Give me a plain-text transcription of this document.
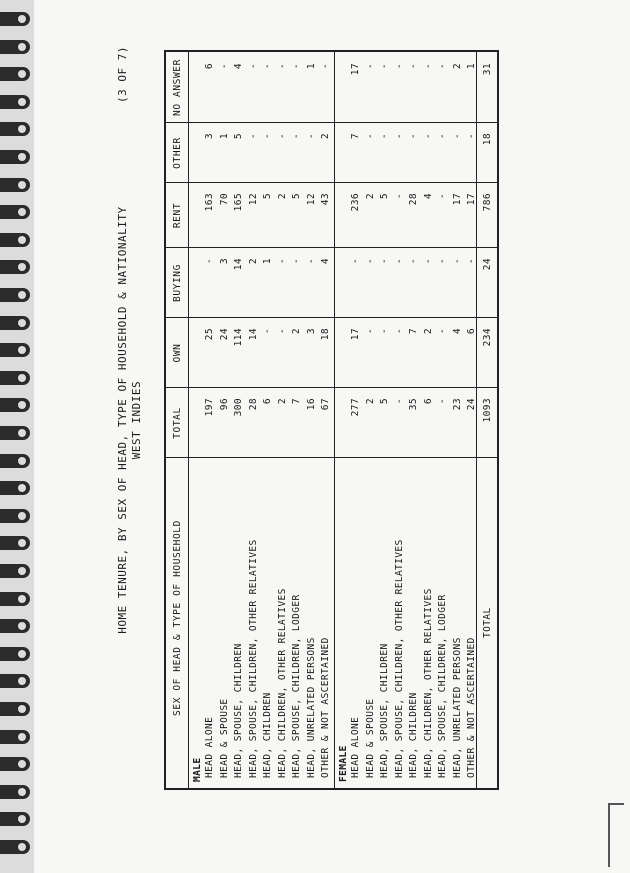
HOME TENURE, BY SEX OF HEAD, TYPE OF HOUSEHOLD & NATIONALITY WEST INDIES
(3 OF 7)
SEX OF HEAD & TYPE OF HOUSEHOLD
TOTAL
OWN
BUYING
RENT
OTHER
NO ANSWER
MALE HEAD ALONE
197
25
-
163
3
6
HEAD & SPOUSE
96
24
3
70
1
-
HEAD, SPOUSE, CHILDREN
300
114
14
165
5
4
HEAD, SPOUSE, CHILDREN, OTHER RELATIVES
28
14
2
12
-
-
HEAD, CHILDREN
6
-
1
5
-
-
HEAD, CHILDREN, OTHER RELATIVES
2
-
-
2
-
-
HEAD, SPOUSE, CHILDREN, LODGER
7
2
-
5
-
-
HEAD, UNRELATED PERSONS
16
3
-
12
-
1
OTHER & NOT ASCERTAINED
67
18
4
43
2
-
FEMALE HEAD ALONE
277
17
-
236
7
17
HEAD & SPOUSE
2
-
-
2
-
-
HEAD, SPOUSE, CHILDREN
5
-
-
5
-
-
HEAD, SPOUSE, CHILDREN, OTHER RELATIVES
-
-
-
-
-
-
HEAD, CHILDREN
35
7
-
28
-
-
HEAD, CHILDREN, OTHER RELATIVES
6
2
-
4
-
-
HEAD, SPOUSE, CHILDREN, LODGER
-
-
-
-
-
-
HEAD, UNRELATED PERSONS
23
4
-
17
-
2
OTHER & NOT ASCERTAINED
24
6
-
17
-
1
TOTAL
1093
234
24
786
18
31
